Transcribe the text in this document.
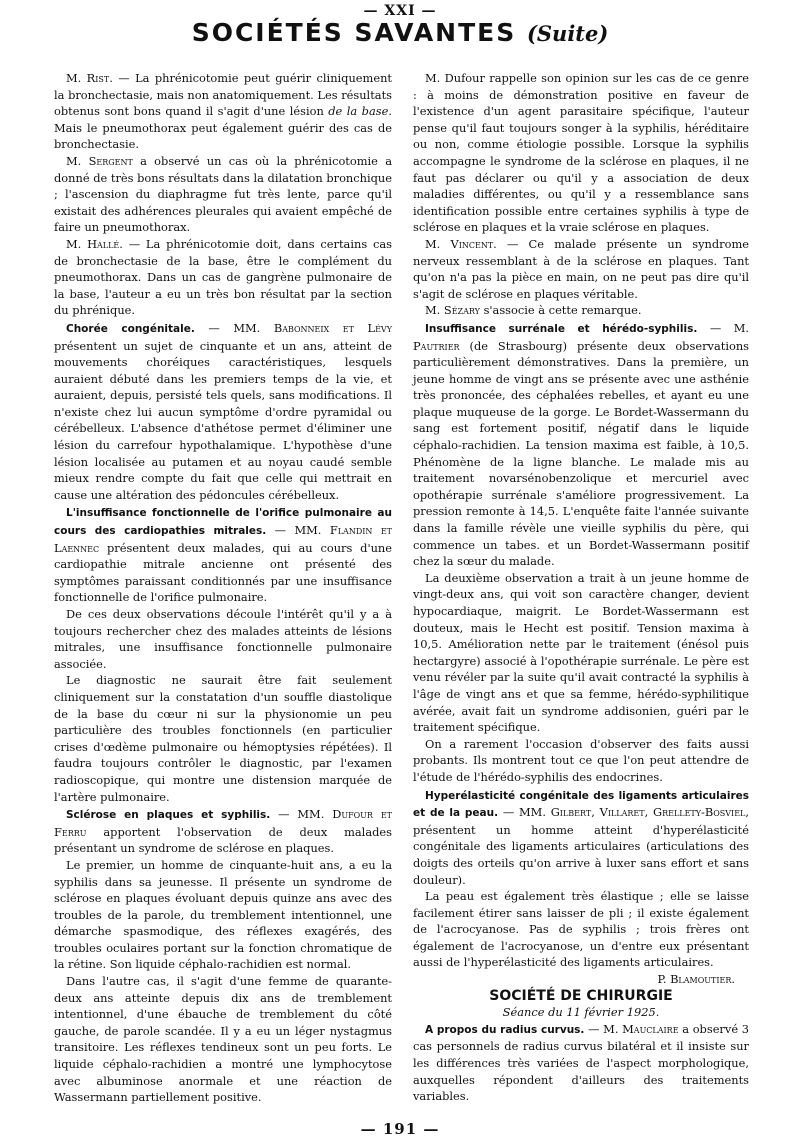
— XXI —
SOCIÉTÉS SAVANTES (Suite)

M. Rist. — La phrénicotomie peut guérir cliniquement la bronchectasie, mais non anatomiquement. Les résultats obtenus sont bons quand il s'agit d'une lésion de la base. Mais le pneumothorax peut également guérir des cas de bronchectasie.

M. Sergent a observé un cas où la phrénicotomie a donné de très bons résultats dans la dilatation bronchique ; l'ascension du diaphragme fut très lente, parce qu'il existait des adhérences pleurales qui avaient empêché de faire un pneumothorax.

M. Hallé. — La phrénicotomie doit, dans certains cas de bronchectasie de la base, être le complément du pneumothorax. Dans un cas de gangrène pulmonaire de la base, l'auteur a eu un très bon résultat par la section du phrénique.

Chorée congénitale. — MM. Babonneix et Lévy présentent un sujet de cinquante et un ans, atteint de mouvements choréiques caractéristiques, lesquels auraient débuté dans les premiers temps de la vie, et auraient, depuis, persisté tels quels, sans modifications. Il n'existe chez lui aucun symptôme d'ordre pyramidal ou cérébelleux. L'absence d'athétose permet d'éliminer une lésion du carrefour hypothalamique. L'hypothèse d'une lésion localisée au putamen et au noyau caudé semble mieux rendre compte du fait que celle qui mettrait en cause une altération des pédoncules cérébelleux.

L'insuffisance fonctionnelle de l'orifice pulmonaire au cours des cardiopathies mitrales. — MM. Flandin et Laennec présentent deux malades, qui au cours d'une cardiopathie mitrale ancienne ont présenté des symptômes paraissant conditionnés par une insuffisance fonctionnelle de l'orifice pulmonaire.

De ces deux observations découle l'intérêt qu'il y a à toujours rechercher chez des malades atteints de lésions mitrales, une insuffisance fonctionnelle pulmonaire associée.

Le diagnostic ne saurait être fait seulement cliniquement sur la constatation d'un souffle diastolique de la base du cœur ni sur la physionomie un peu particulière des troubles fonctionnels (en particulier crises d'œdème pulmonaire ou hémoptysies répétées). Il faudra toujours contrôler le diagnostic, par l'examen radioscopique, qui montre une distension marquée de l'artère pulmonaire.

Sclérose en plaques et syphilis. — MM. Dufour et Ferru apportent l'observation de deux malades présentant un syndrome de sclérose en plaques.

Le premier, un homme de cinquante-huit ans, a eu la syphilis dans sa jeunesse. Il présente un syndrome de sclérose en plaques évoluant depuis quinze ans avec des troubles de la parole, du tremblement intentionnel, une démarche spasmodique, des réflexes exagérés, des troubles oculaires portant sur la fonction chromatique de la rétine. Son liquide céphalo-rachidien est normal.

Dans l'autre cas, il s'agit d'une femme de quarante-deux ans atteinte depuis dix ans de tremblement intentionnel, d'une ébauche de tremblement du côté gauche, de parole scandée. Il y a eu un léger nystagmus transitoire. Les réflexes tendineux sont un peu forts. Le liquide céphalo-rachidien a montré une lymphocytose avec albuminose anormale et une réaction de Wassermann partiellement positive.

M. Dufour rappelle son opinion sur les cas de ce genre : à moins de démonstration positive en faveur de l'existence d'un agent parasitaire spécifique, l'auteur pense qu'il faut toujours songer à la syphilis, héréditaire ou non, comme étiologie possible. Lorsque la syphilis accompagne le syndrome de la sclérose en plaques, il ne faut pas déclarer ou qu'il y a association de deux maladies différentes, ou qu'il y a ressemblance sans identification possible entre certaines syphilis à type de sclérose en plaques et la vraie sclérose en plaques.

M. Vincent. — Ce malade présente un syndrome nerveux ressemblant à de la sclérose en plaques. Tant qu'on n'a pas la pièce en main, on ne peut pas dire qu'il s'agit de sclérose en plaques véritable.

M. Sézary s'associe à cette remarque.

Insuffisance surrénale et hérédo-syphilis. — M. Pautrier (de Strasbourg) présente deux observations particulièrement démonstratives. Dans la première, un jeune homme de vingt ans se présente avec une asthénie très prononcée, des céphalées rebelles, et ayant eu une plaque muqueuse de la gorge. Le Bordet-Wassermann du sang est fortement positif, négatif dans le liquide céphalo-rachidien. La tension maxima est faible, à 10,5. Phénomène de la ligne blanche. Le malade mis au traitement novarsénobenzolique et mercuriel avec opothérapie surrénale s'améliore progressivement. La pression remonte à 14,5. L'enquête faite l'année suivante dans la famille révèle une vieille syphilis du père, qui commence un tabes. et un Bordet-Wassermann positif chez la sœur du malade.

La deuxième observation a trait à un jeune homme de vingt-deux ans, qui voit son caractère changer, devient hypocardiaque, maigrit. Le Bordet-Wassermann est douteux, mais le Hecht est positif. Tension maxima à 10,5. Amélioration nette par le traitement (énésol puis hectargyre) associé à l'opothérapie surrénale. Le père est venu révéler par la suite qu'il avait contracté la syphilis à l'âge de vingt ans et que sa femme, hérédo-syphilitique avérée, avait fait un syndrome addisonien, guéri par le traitement spécifique.

On a rarement l'occasion d'observer des faits aussi probants. Ils montrent tout ce que l'on peut attendre de l'étude de l'hérédo-syphilis des endocrines.

Hyperélasticité congénitale des ligaments articulaires et de la peau. — MM. Gilbert, Villaret, Grellety-Bosviel, présentent un homme atteint d'hyperélasticité congénitale des ligaments articulaires (articulations des doigts des orteils qu'on arrive à luxer sans effort et sans douleur).

La peau est également très élastique ; elle se laisse facilement étirer sans laisser de pli ; il existe également de l'acrocyanose. Pas de syphilis ; trois frères ont également de l'acrocyanose, un d'entre eux présentant aussi de l'hyperélasticité des ligaments articulaires.

P. Blamoutier.

SOCIÉTÉ DE CHIRURGIE

Séance du 11 février 1925.

A propos du radius curvus. — M. Mauclaire a observé 3 cas personnels de radius curvus bilatéral et il insiste sur les différences très variées de l'aspect morphologique, auxquelles répondent d'ailleurs des traitements variables.

— 191 —
